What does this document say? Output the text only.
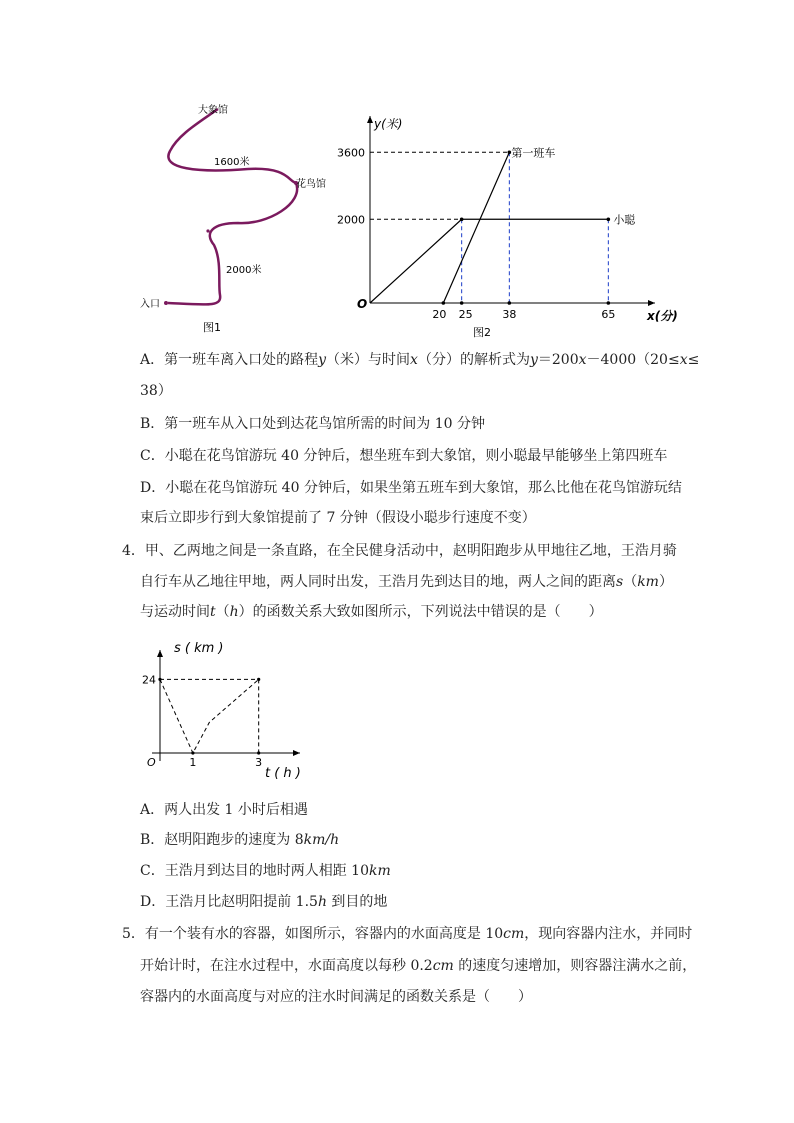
大象馆
1600米
花鸟馆
2000米
入口
图1	图2
y(米)
x(分)
O
2000
3600
20 25	38	65
第一班车
小聪
A．第一班车离入口处的路程y（米）与时间x（分）的解析式为y＝200x－4000（20≤x≤
38）
B．第一班车从入口处到达花鸟馆所需的时间为 10 分钟
C．小聪在花鸟馆游玩 40 分钟后，想坐班车到大象馆，则小聪最早能够坐上第四班车
D．小聪在花鸟馆游玩 40 分钟后，如果坐第五班车到大象馆，那么比他在花鸟馆游玩结
束后立即步行到大象馆提前了 7 分钟（假设小聪步行速度不变）
4．甲、乙两地之间是一条直路，在全民健身活动中，赵明阳跑步从甲地往乙地，王浩月骑
自行车从乙地往甲地，两人同时出发，王浩月先到达目的地，两人之间的距离s（km）
与运动时间t（h）的函数关系大致如图所示，下列说法中错误的是（　　）
s ( km )
t ( h )
O
24
1	3
A．两人出发 1 小时后相遇
B．赵明阳跑步的速度为 8km/h
C．王浩月到达目的地时两人相距 10km
D．王浩月比赵明阳提前 1.5h 到目的地
5．有一个装有水的容器，如图所示，容器内的水面高度是 10cm，现向容器内注水，并同时
开始计时，在注水过程中，水面高度以每秒 0.2cm 的速度匀速增加，则容器注满水之前，
容器内的水面高度与对应的注水时间满足的函数关系是（　　）
